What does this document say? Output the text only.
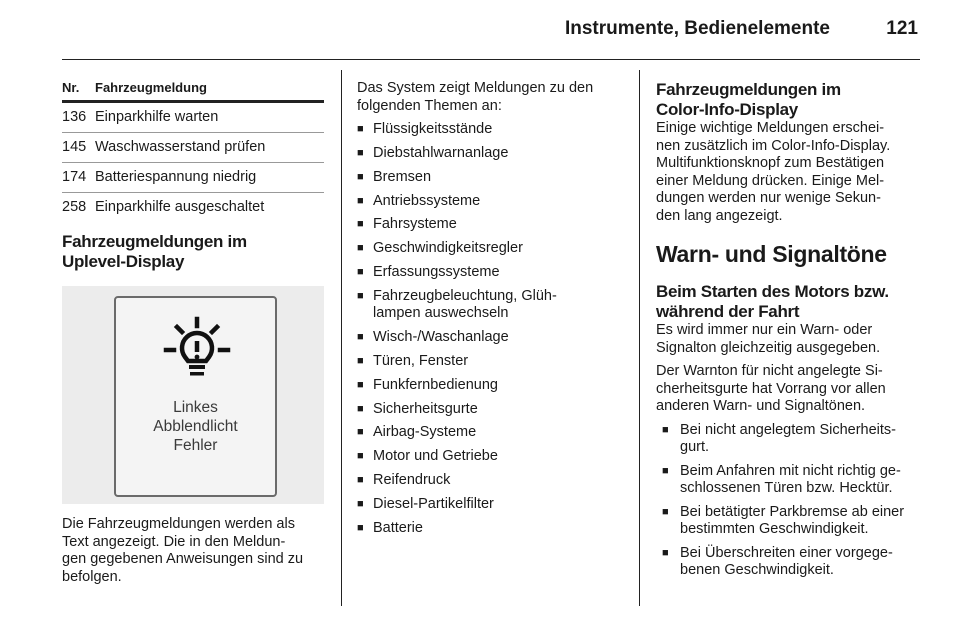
Instrumente, Bedienelemente	121
Nr.	Fahrzeugmeldung
136 Einparkhilfe warten
145 Waschwasserstand prüfen
174 Batteriespannung niedrig
258 Einparkhilfe ausgeschaltet
Fahrzeugmeldungen im
Uplevel-Display
Linkes
Abblendlicht
Fehler

Die Fahrzeugmeldungen werden als
Text angezeigt. Die in den Meldun-
gen gegebenen Anweisungen sind zu
befolgen.

Das System zeigt Meldungen zu den
folgenden Themen an:

■ Flüssigkeitsstände
■ Diebstahlwarnanlage
■ Bremsen
■ Antriebssysteme
■ Fahrsysteme
■ Geschwindigkeitsregler
■ Erfassungssysteme
■ Fahrzeugbeleuchtung, Glüh-
lampen auswechseln
■ Wisch-/Waschanlage
■ Türen, Fenster
■ Funkfernbedienung
■ Sicherheitsgurte
■ Airbag-Systeme
■ Motor und Getriebe
■ Reifendruck
■ Diesel-Partikelfilter
■ Batterie
Fahrzeugmeldungen im
Color-Info-Display

Einige wichtige Meldungen erschei-
nen zusätzlich im Color-Info-Display.
Multifunktionsknopf zum Bestätigen
einer Meldung drücken. Einige Mel-
dungen werden nur wenige Sekun-
den lang angezeigt.

Warn- und Signaltöne
Beim Starten des Motors bzw.
während der Fahrt

Es wird immer nur ein Warn- oder
Signalton gleichzeitig ausgegeben.

Der Warnton für nicht angelegte Si-
cherheitsgurte hat Vorrang vor allen
anderen Warn- und Signaltönen.

■ Bei nicht angelegtem Sicherheits-
gurt.
■ Beim Anfahren mit nicht richtig ge-
schlossenen Türen bzw. Hecktür.
■ Bei betätigter Parkbremse ab einer
bestimmten Geschwindigkeit.
■ Bei Überschreiten einer vorgege-
benen Geschwindigkeit.
